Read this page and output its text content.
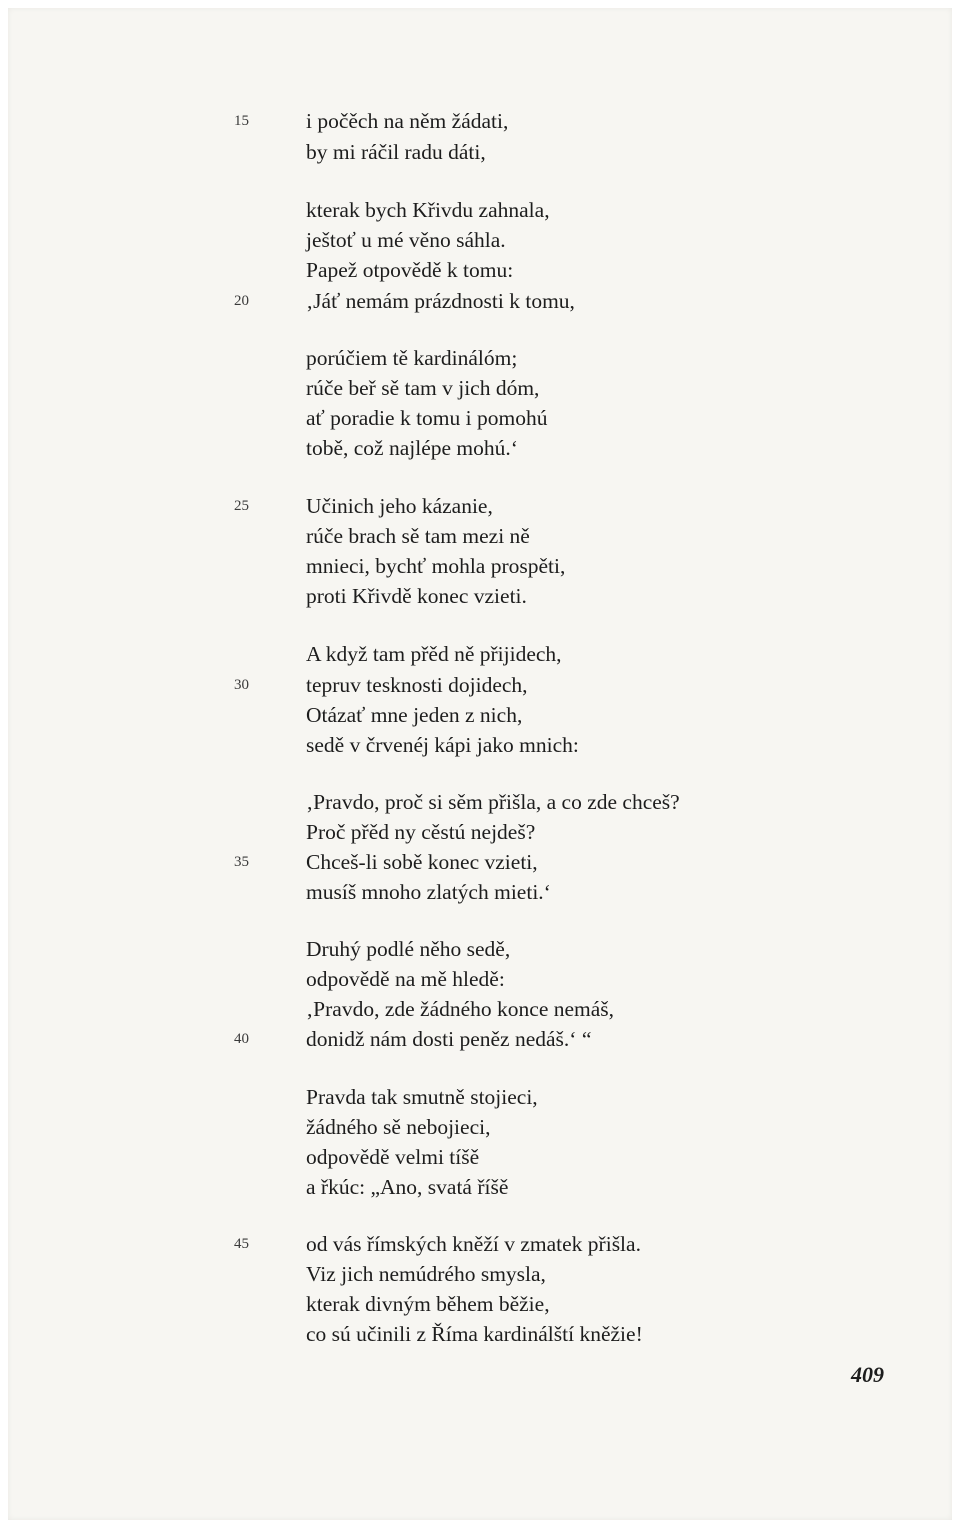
15	i počěch na něm žádati,
by mi ráčil radu dáti,
kterak bych Křivdu zahnala,
ještoť u mé věno sáhla.
Papež otpovědě k tomu:
20	‚Jáť nemám prázdnosti k tomu,
porúčiem tě kardinálóm;
rúče beř sě tam v jich dóm,
ať poradie k tomu i pomohú
tobě, což najlépe mohú.‘
25	Učinich jeho kázanie,
rúče brach sě tam mezi ně
mnieci, bychť mohla prospěti,
proti Křivdě konec vzieti.
A když tam přěd ně přijidech,
30	tepruv tesknosti dojidech,
Otázať mne jeden z nich,
sedě v črvenéj kápi jako mnich:
‚Pravdo, proč si sěm přišla, a co zde chceš?
Proč přěd ny cěstú nejdeš?
35	Chceš-li sobě konec vzieti,
musíš mnoho zlatých mieti.‘
Druhý podlé něho sedě,
odpovědě na mě hledě:
‚Pravdo, zde žádného konce nemáš,
40	donidž nám dosti peněz nedáš.‘ “
Pravda tak smutně stojieci,
žádného sě nebojieci,
odpovědě velmi tíšě
a řkúc: „Ano, svatá říšě
45	od vás římských kněží v zmatek přišla.
Viz jich nemúdrého smysla,
kterak divným během běžie,
co sú učinili z Říma kardinálští kněžie!
409
